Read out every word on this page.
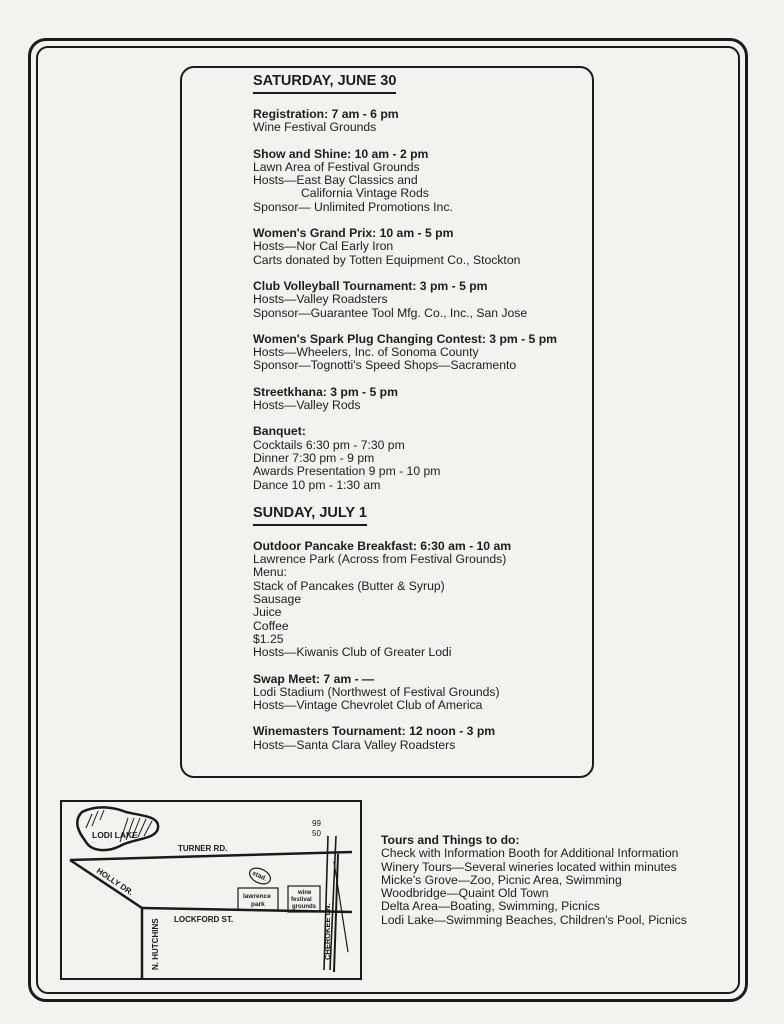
SATURDAY, JUNE 30
Registration: 7 am - 6 pm
Wine Festival Grounds
Show and Shine: 10 am - 2 pm
Lawn Area of Festival Grounds
Hosts—East Bay Classics and
California Vintage Rods
Sponsor— Unlimited Promotions Inc.
Women's Grand Prix: 10 am - 5 pm
Hosts—Nor Cal Early Iron
Carts donated by Totten Equipment Co., Stockton
Club Volleyball Tournament: 3 pm - 5 pm
Hosts—Valley Roadsters
Sponsor—Guarantee Tool Mfg. Co., Inc., San Jose
Women's Spark Plug Changing Contest: 3 pm - 5 pm
Hosts—Wheelers, Inc. of Sonoma County
Sponsor—Tognotti's Speed Shops—Sacramento
Streetkhana: 3 pm - 5 pm
Hosts—Valley Rods
Banquet:
Cocktails 6:30 pm - 7:30 pm
Dinner 7:30 pm - 9 pm
Awards Presentation 9 pm - 10 pm
Dance 10 pm - 1:30 am
SUNDAY, JULY 1
Outdoor Pancake Breakfast: 6:30 am - 10 am
Lawrence Park (Across from Festival Grounds)
Menu:
Stack of Pancakes (Butter & Syrup)
Sausage
Juice
Coffee
$1.25
Hosts—Kiwanis Club of Greater Lodi
Swap Meet: 7 am - —
Lodi Stadium (Northwest of Festival Grounds)
Hosts—Vintage Chevrolet Club of America
Winemasters Tournament: 12 noon - 3 pm
Hosts—Santa Clara Valley Roadsters
LODI LAKE
TURNER RD.
HOLLY DR.
LOCKFORD ST.
N. HUTCHINS
99
50
CHEROKEE LN.
stad.
lawrence
park
wine
festival
grounds
Tours and Things to do:
Check with Information Booth for Additional Information
Winery Tours—Several wineries located within minutes
Micke's Grove—Zoo, Picnic Area, Swimming
Woodbridge—Quaint Old Town
Delta Area—Boating, Swimming, Picnics
Lodi Lake—Swimming Beaches, Children's Pool, Picnics
